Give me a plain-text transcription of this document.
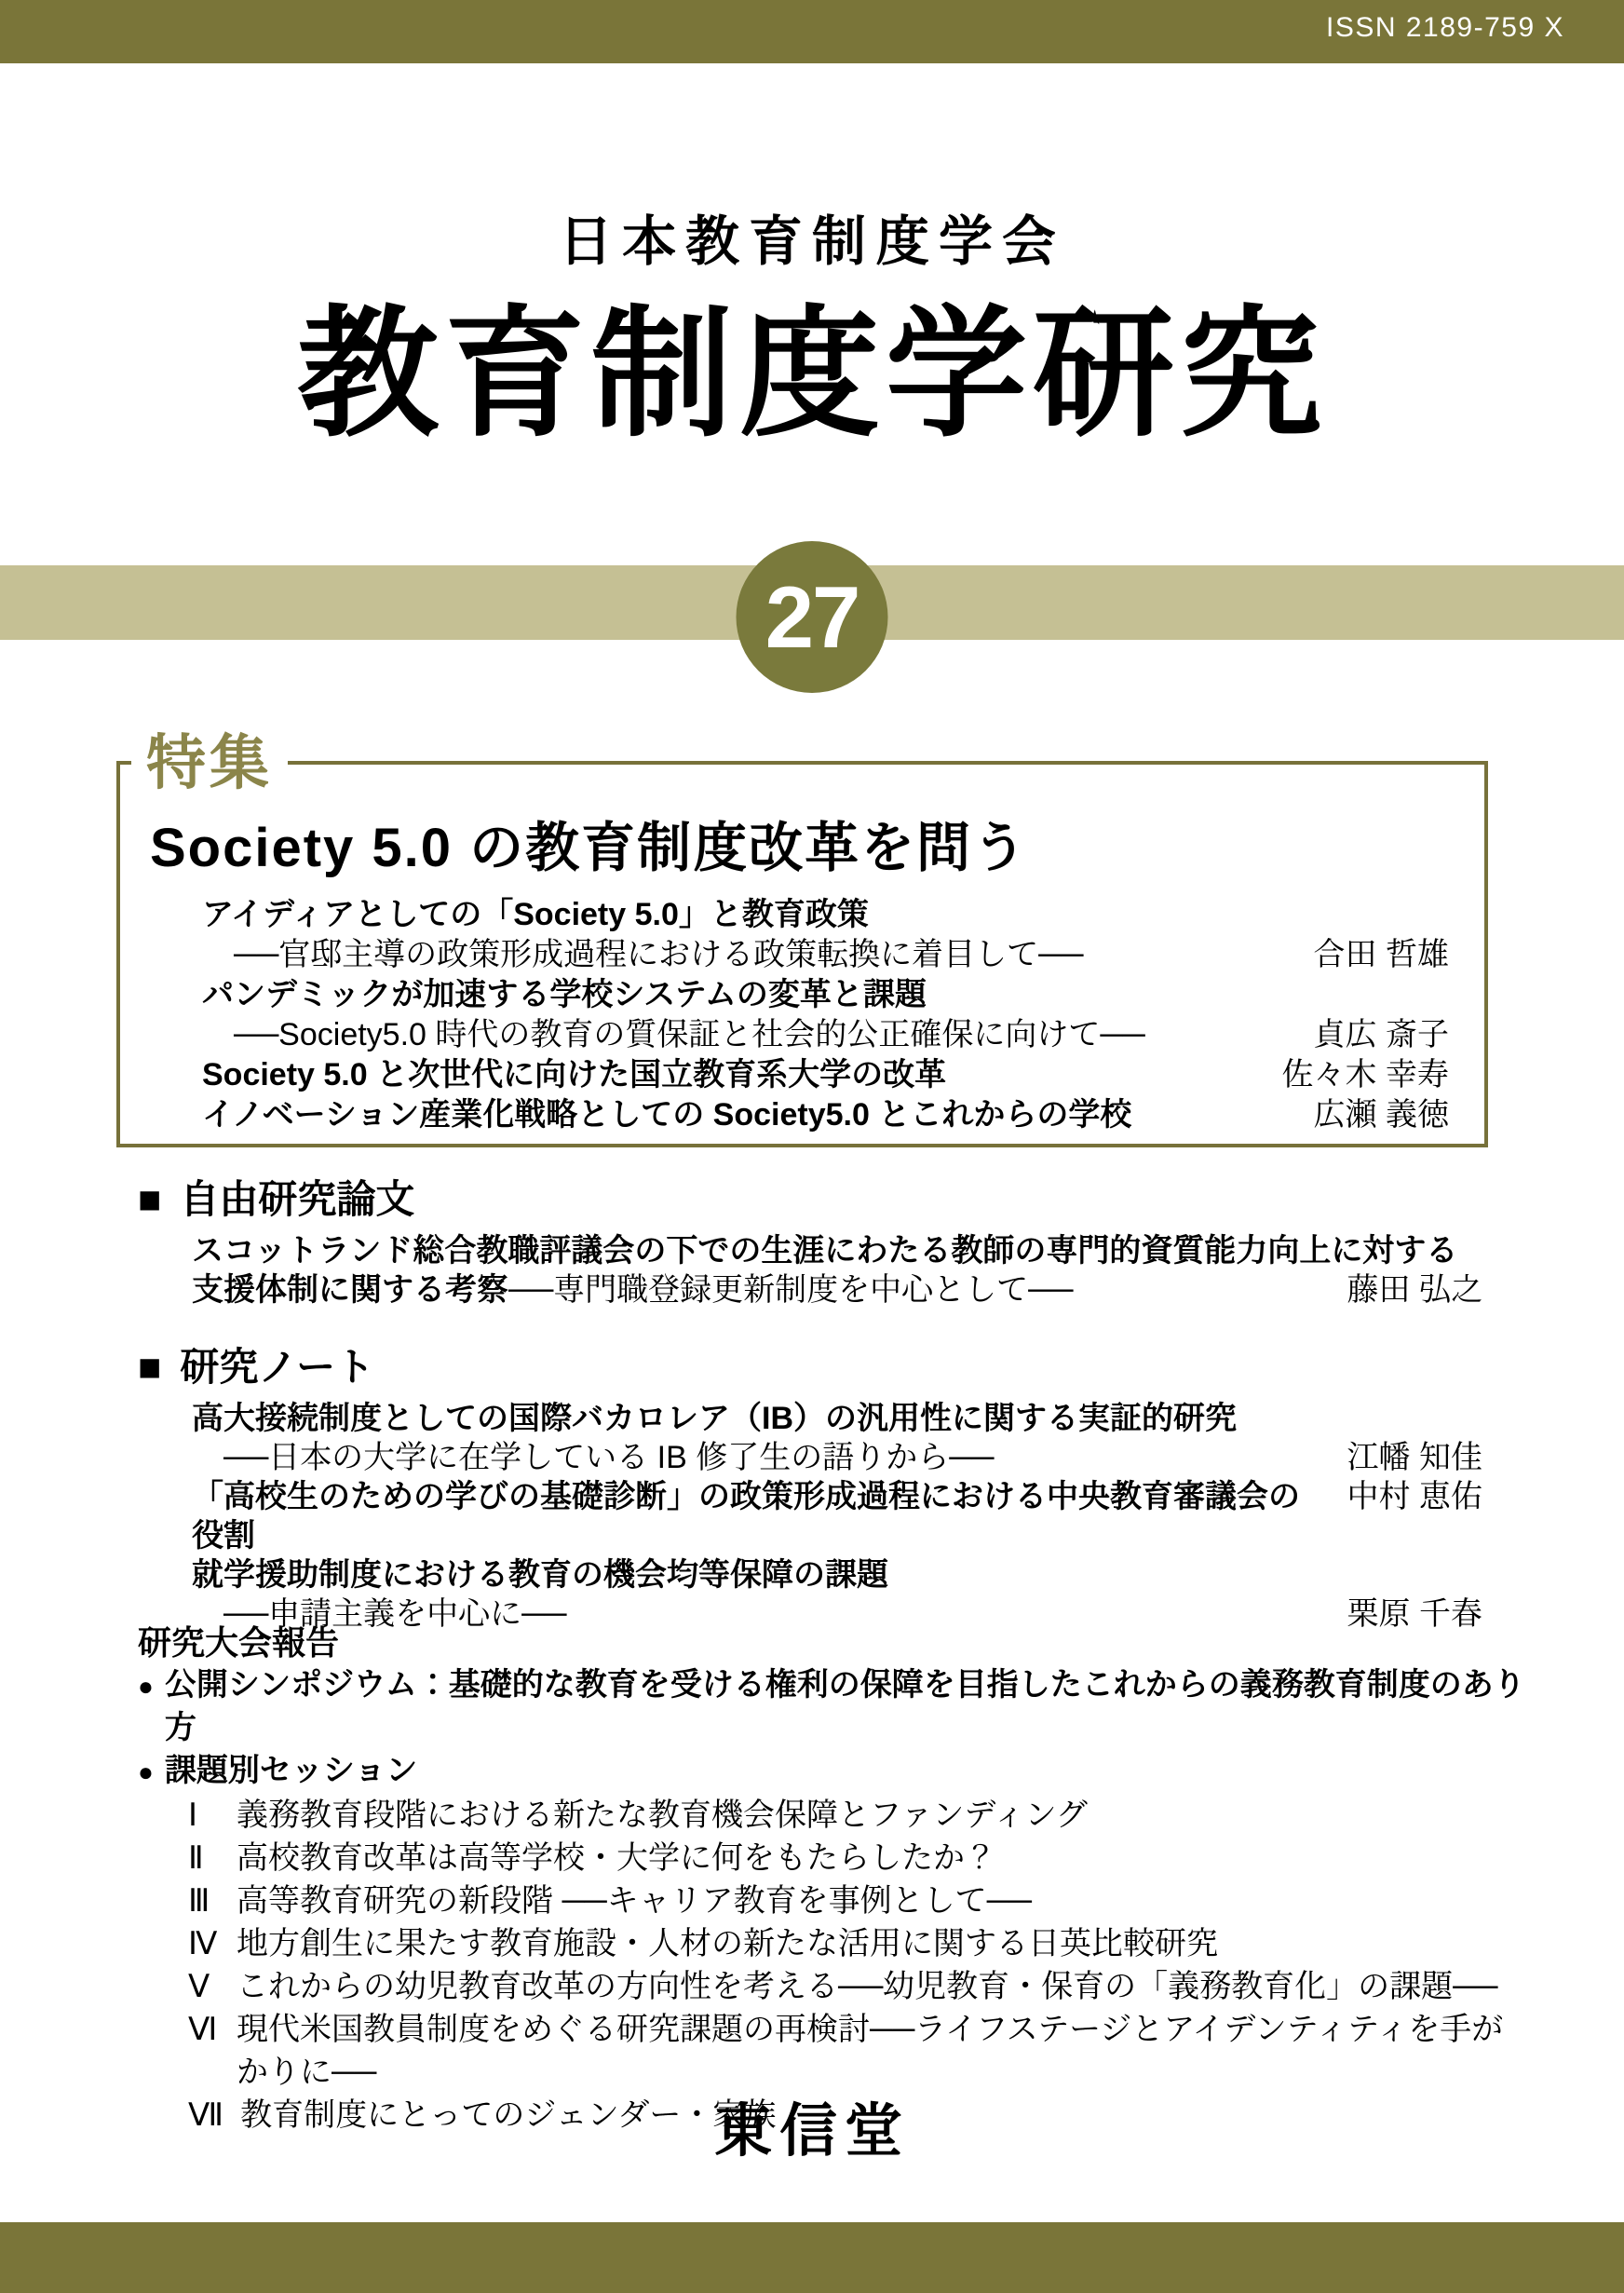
ISSN 2189-759 X
日本教育制度学会
教育制度学研究
27
特集
Society 5.0 の教育制度改革を問う
アイディアとしての「Society 5.0」と教育政策
──官邸主導の政策形成過程における政策転換に着目して──	合田 哲雄
パンデミックが加速する学校システムの変革と課題
──Society5.0 時代の教育の質保証と社会的公正確保に向けて──	貞広 斎子
Society 5.0 と次世代に向けた国立教育系大学の改革	佐々木 幸寿
イノベーション産業化戦略としての Society5.0 とこれからの学校	広瀬 義徳
■ 自由研究論文
スコットランド総合教職評議会の下での生涯にわたる教師の専門的資質能力向上に対する
支援体制に関する考察──専門職登録更新制度を中心として──	藤田 弘之
■ 研究ノート
高大接続制度としての国際バカロレア（IB）の汎用性に関する実証的研究
──日本の大学に在学している IB 修了生の語りから──	江幡 知佳
「高校生のための学びの基礎診断」の政策形成過程における中央教育審議会の役割
中村 恵佑
就学援助制度における教育の機会均等保障の課題
──申請主義を中心に──	栗原 千春
研究大会報告
● 公開シンポジウム：基礎的な教育を受ける権利の保障を目指したこれからの義務教育制度のあり方
● 課題別セッション
Ⅰ	義務教育段階における新たな教育機会保障とファンディング
Ⅱ	高校教育改革は高等学校・大学に何をもたらしたか？
Ⅲ 高等教育研究の新段階 ──キャリア教育を事例として──
Ⅳ 地方創生に果たす教育施設・人材の新たな活用に関する日英比較研究
Ⅴ これからの幼児教育改革の方向性を考える──幼児教育・保育の「義務教育化」の課題──
Ⅵ 現代米国教員制度をめぐる研究課題の再検討──ライフステージとアイデンティティを手がかりに──
Ⅶ 教育制度にとってのジェンダー・家族
東信堂
